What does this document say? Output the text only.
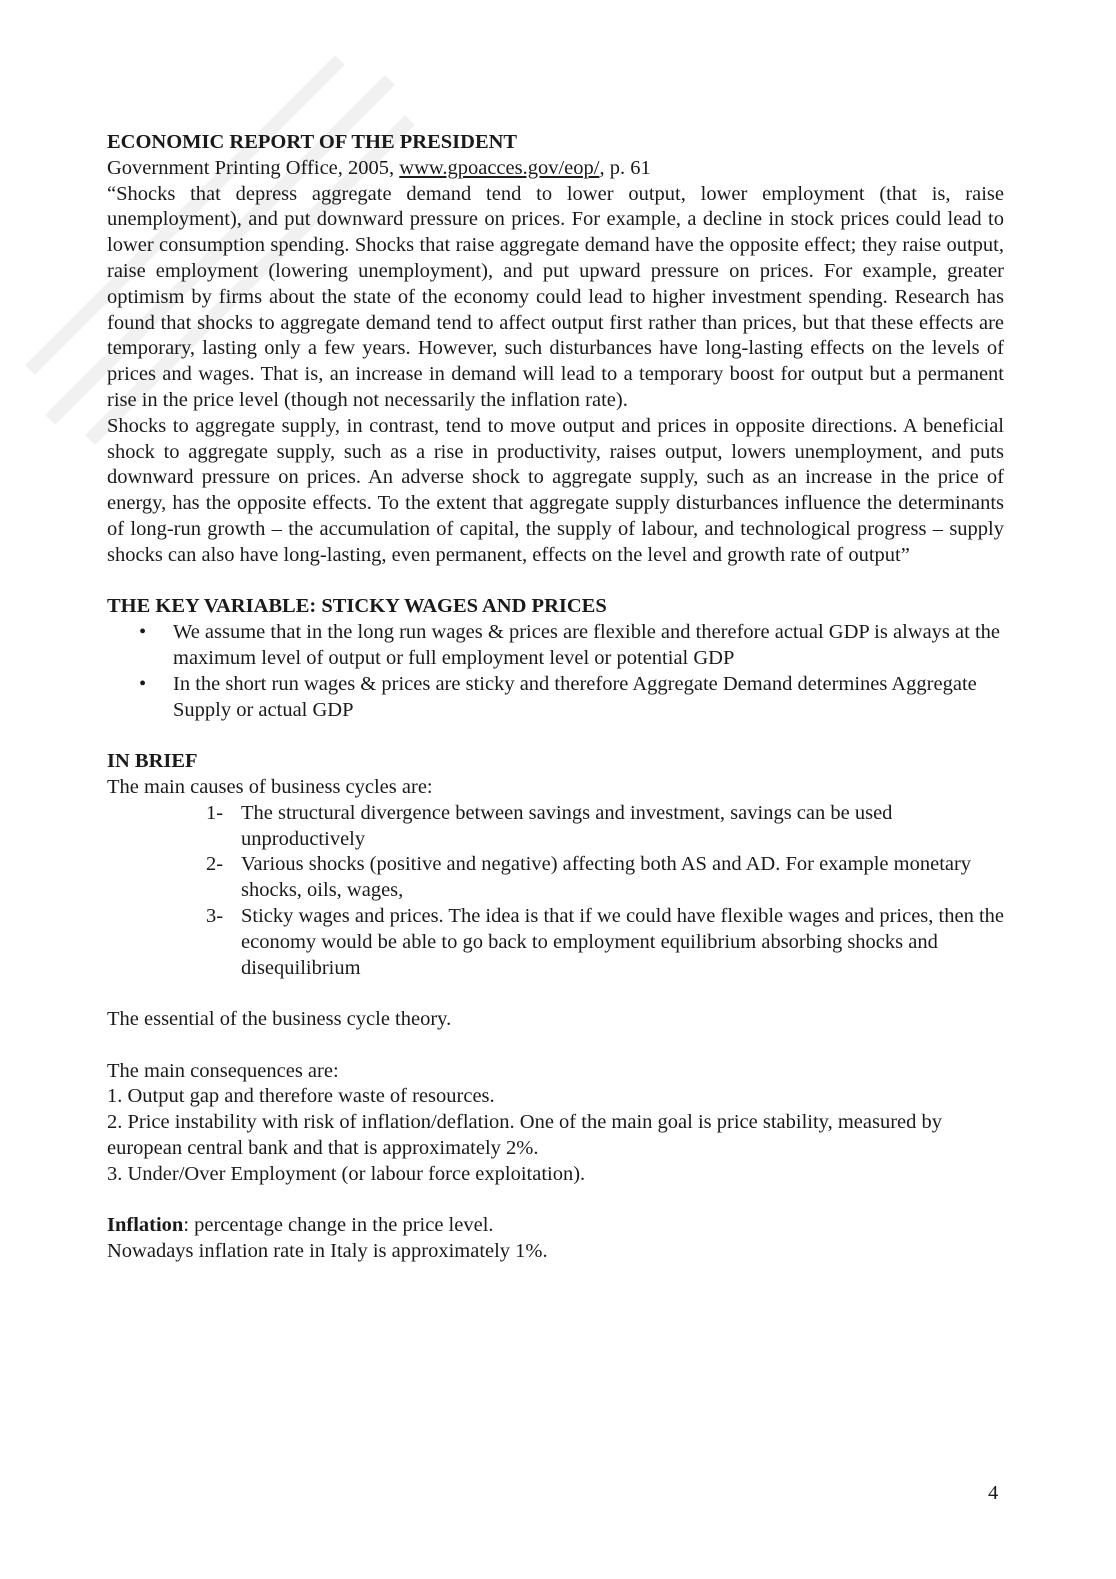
ECONOMIC REPORT OF THE PRESIDENT

Government Printing Office, 2005, www.gpoacces.gov/eop/, p. 61

“Shocks that depress aggregate demand tend to lower output, lower employment (that is, raise unemployment), and put downward pressure on prices. For example, a decline in stock prices could lead to lower consumption spending. Shocks that raise aggregate demand have the opposite effect; they raise output, raise employment (lowering unemployment), and put upward pressure on prices. For example, greater optimism by firms about the state of the economy could lead to higher investment spending. Research has found that shocks to aggregate demand tend to affect output first rather than prices, but that these effects are temporary, lasting only a few years. However, such disturbances have long-lasting effects on the levels of prices and wages. That is, an increase in demand will lead to a temporary boost for output but a permanent rise in the price level (though not necessarily the inflation rate).

Shocks to aggregate supply, in contrast, tend to move output and prices in opposite directions. A beneficial shock to aggregate supply, such as a rise in productivity, raises output, lowers unemployment, and puts downward pressure on prices. An adverse shock to aggregate supply, such as an increase in the price of energy, has the opposite effects. To the extent that aggregate supply disturbances influence the determinants of long-run growth – the accumulation of capital, the supply of labour, and technological progress – supply shocks can also have long-lasting, even permanent, effects on the level and growth rate of output”

THE KEY VARIABLE: STICKY WAGES AND PRICES

• We assume that in the long run wages & prices are flexible and therefore actual GDP is always at the maximum level of output or full employment level or potential GDP

• In the short run wages & prices are sticky and therefore Aggregate Demand determines Aggregate Supply or actual GDP

IN BRIEF

The main causes of business cycles are:

1- The structural divergence between savings and investment, savings can be used unproductively

2- Various shocks (positive and negative) affecting both AS and AD. For example monetary shocks, oils, wages,

3- Sticky wages and prices. The idea is that if we could have flexible wages and prices, then the economy would be able to go back to employment equilibrium absorbing shocks and disequilibrium

The essential of the business cycle theory.

The main consequences are:

1. Output gap and therefore waste of resources.

2. Price instability with risk of inflation/deflation. One of the main goal is price stability, measured by european central bank and that is approximately 2%.

3. Under/Over Employment (or labour force exploitation).

Inflation: percentage change in the price level.

Nowadays inflation rate in Italy is approximately 1%.

4
